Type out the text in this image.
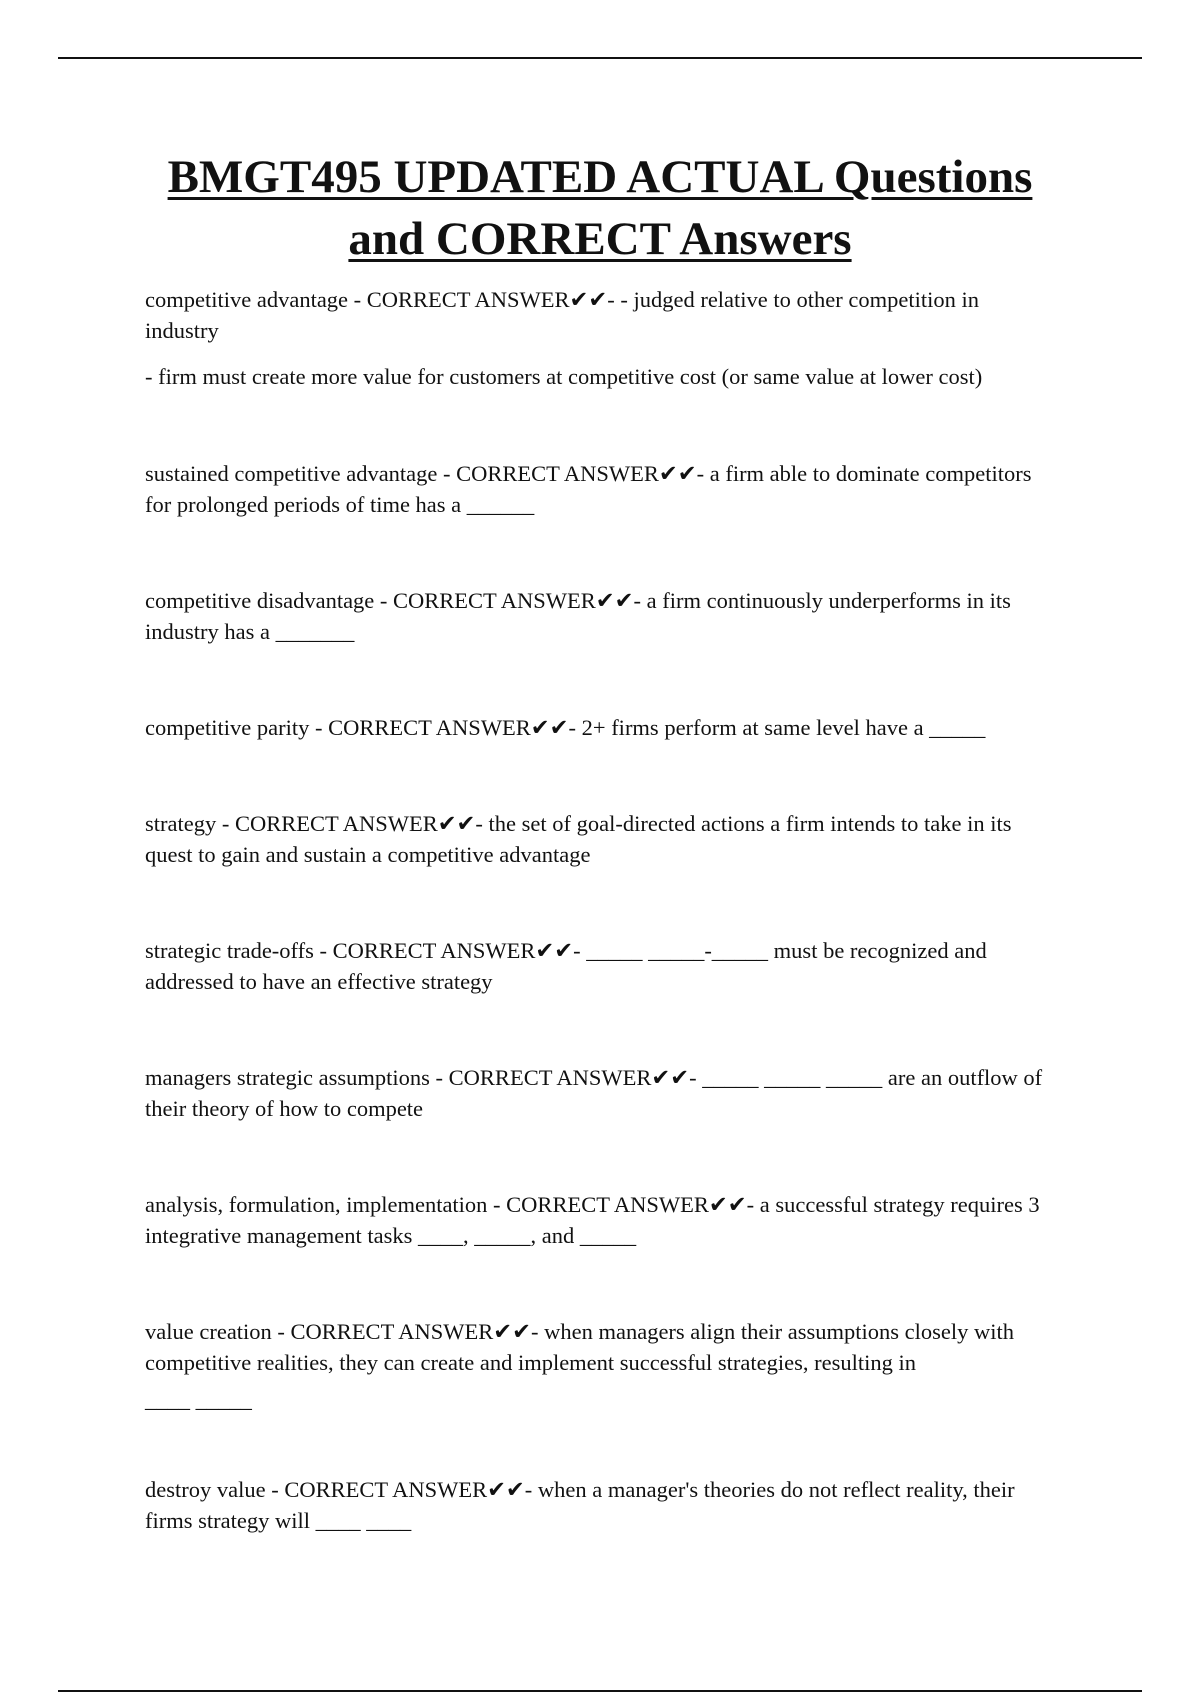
BMGT495 UPDATED ACTUAL Questions
and CORRECT Answers

competitive advantage - CORRECT ANSWER✔✔- - judged relative to other competition in industry

- firm must create more value for customers at competitive cost (or same value at lower cost)

sustained competitive advantage - CORRECT ANSWER✔✔- a firm able to dominate competitors for prolonged periods of time has a ______

competitive disadvantage - CORRECT ANSWER✔✔- a firm continuously underperforms in its industry has a _______

competitive parity - CORRECT ANSWER✔✔- 2+ firms perform at same level have a _____

strategy - CORRECT ANSWER✔✔- the set of goal-directed actions a firm intends to take in its quest to gain and sustain a competitive advantage

strategic trade-offs - CORRECT ANSWER✔✔- _____ _____-_____ must be recognized and addressed to have an effective strategy

managers strategic assumptions - CORRECT ANSWER✔✔- _____ _____ _____ are an outflow of their theory of how to compete

analysis, formulation, implementation - CORRECT ANSWER✔✔- a successful strategy requires 3 integrative management tasks ____, _____, and _____

value creation - CORRECT ANSWER✔✔- when managers align their assumptions closely with competitive realities, they can create and implement successful strategies, resulting in
____ _____

destroy value - CORRECT ANSWER✔✔- when a manager's theories do not reflect reality, their firms strategy will ____ ____
